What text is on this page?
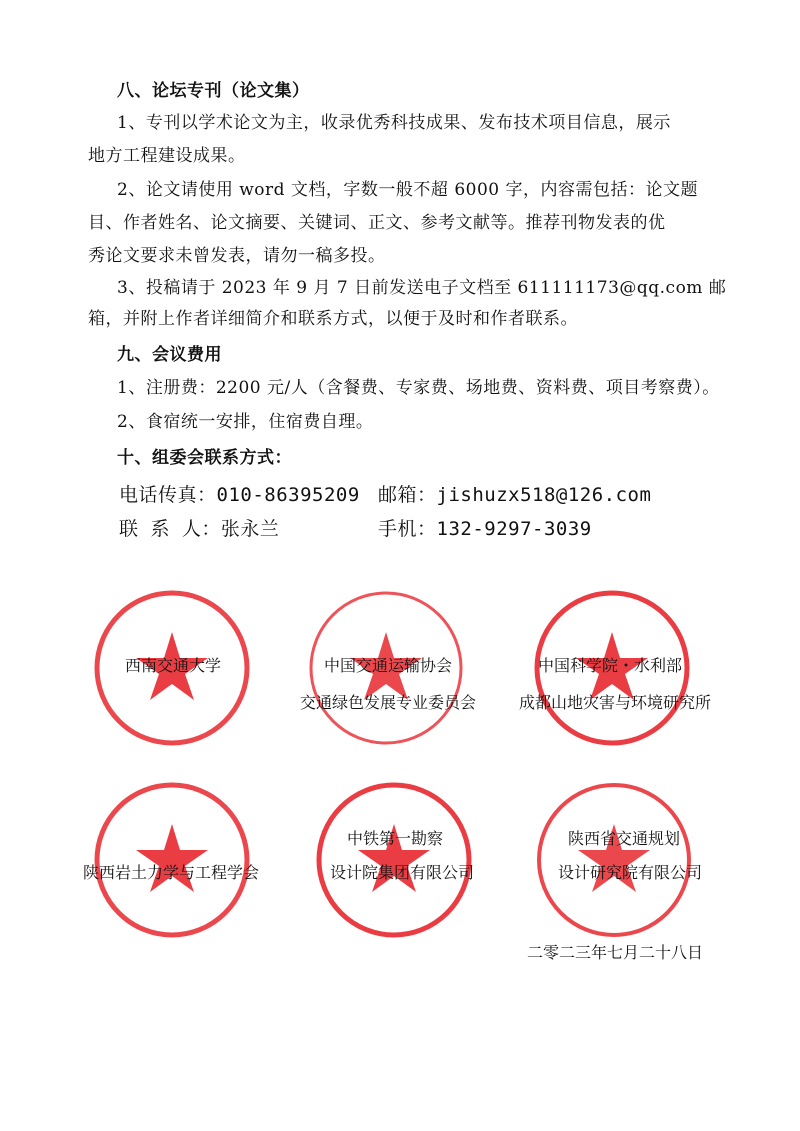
八、论坛专刊（论文集）
1、专刊以学术论文为主，收录优秀科技成果、发布技术项目信息，展示
地方工程建设成果。
2、论文请使用 word 文档，字数一般不超 6000 字，内容需包括：论文题
目、作者姓名、论文摘要、关键词、正文、参考文献等。推荐刊物发表的优
秀论文要求未曾发表，请勿一稿多投。
3、投稿请于 2023 年 9 月 7 日前发送电子文档至 611111173@qq.com 邮
箱，并附上作者详细简介和联系方式，以便于及时和作者联系。
九、会议费用
1、注册费：2200 元/人（含餐费、专家费、场地费、资料费、项目考察费）。
2、食宿统一安排，住宿费自理。
十、组委会联系方式：
电话传真：010-86395209 邮箱：jishuzx518@126.com
联 系 人：张永兰	手机：132-9297-3039
西南交通大学	中国交通运输协会
交通绿色发展专业委员会
中国科学院・水利部
成都山地灾害与环境研究所
陕西岩土力学与工程学会
中铁第一勘察
设计院集团有限公司
陕西省交通规划
设计研究院有限公司
二零二三年七月二十八日
